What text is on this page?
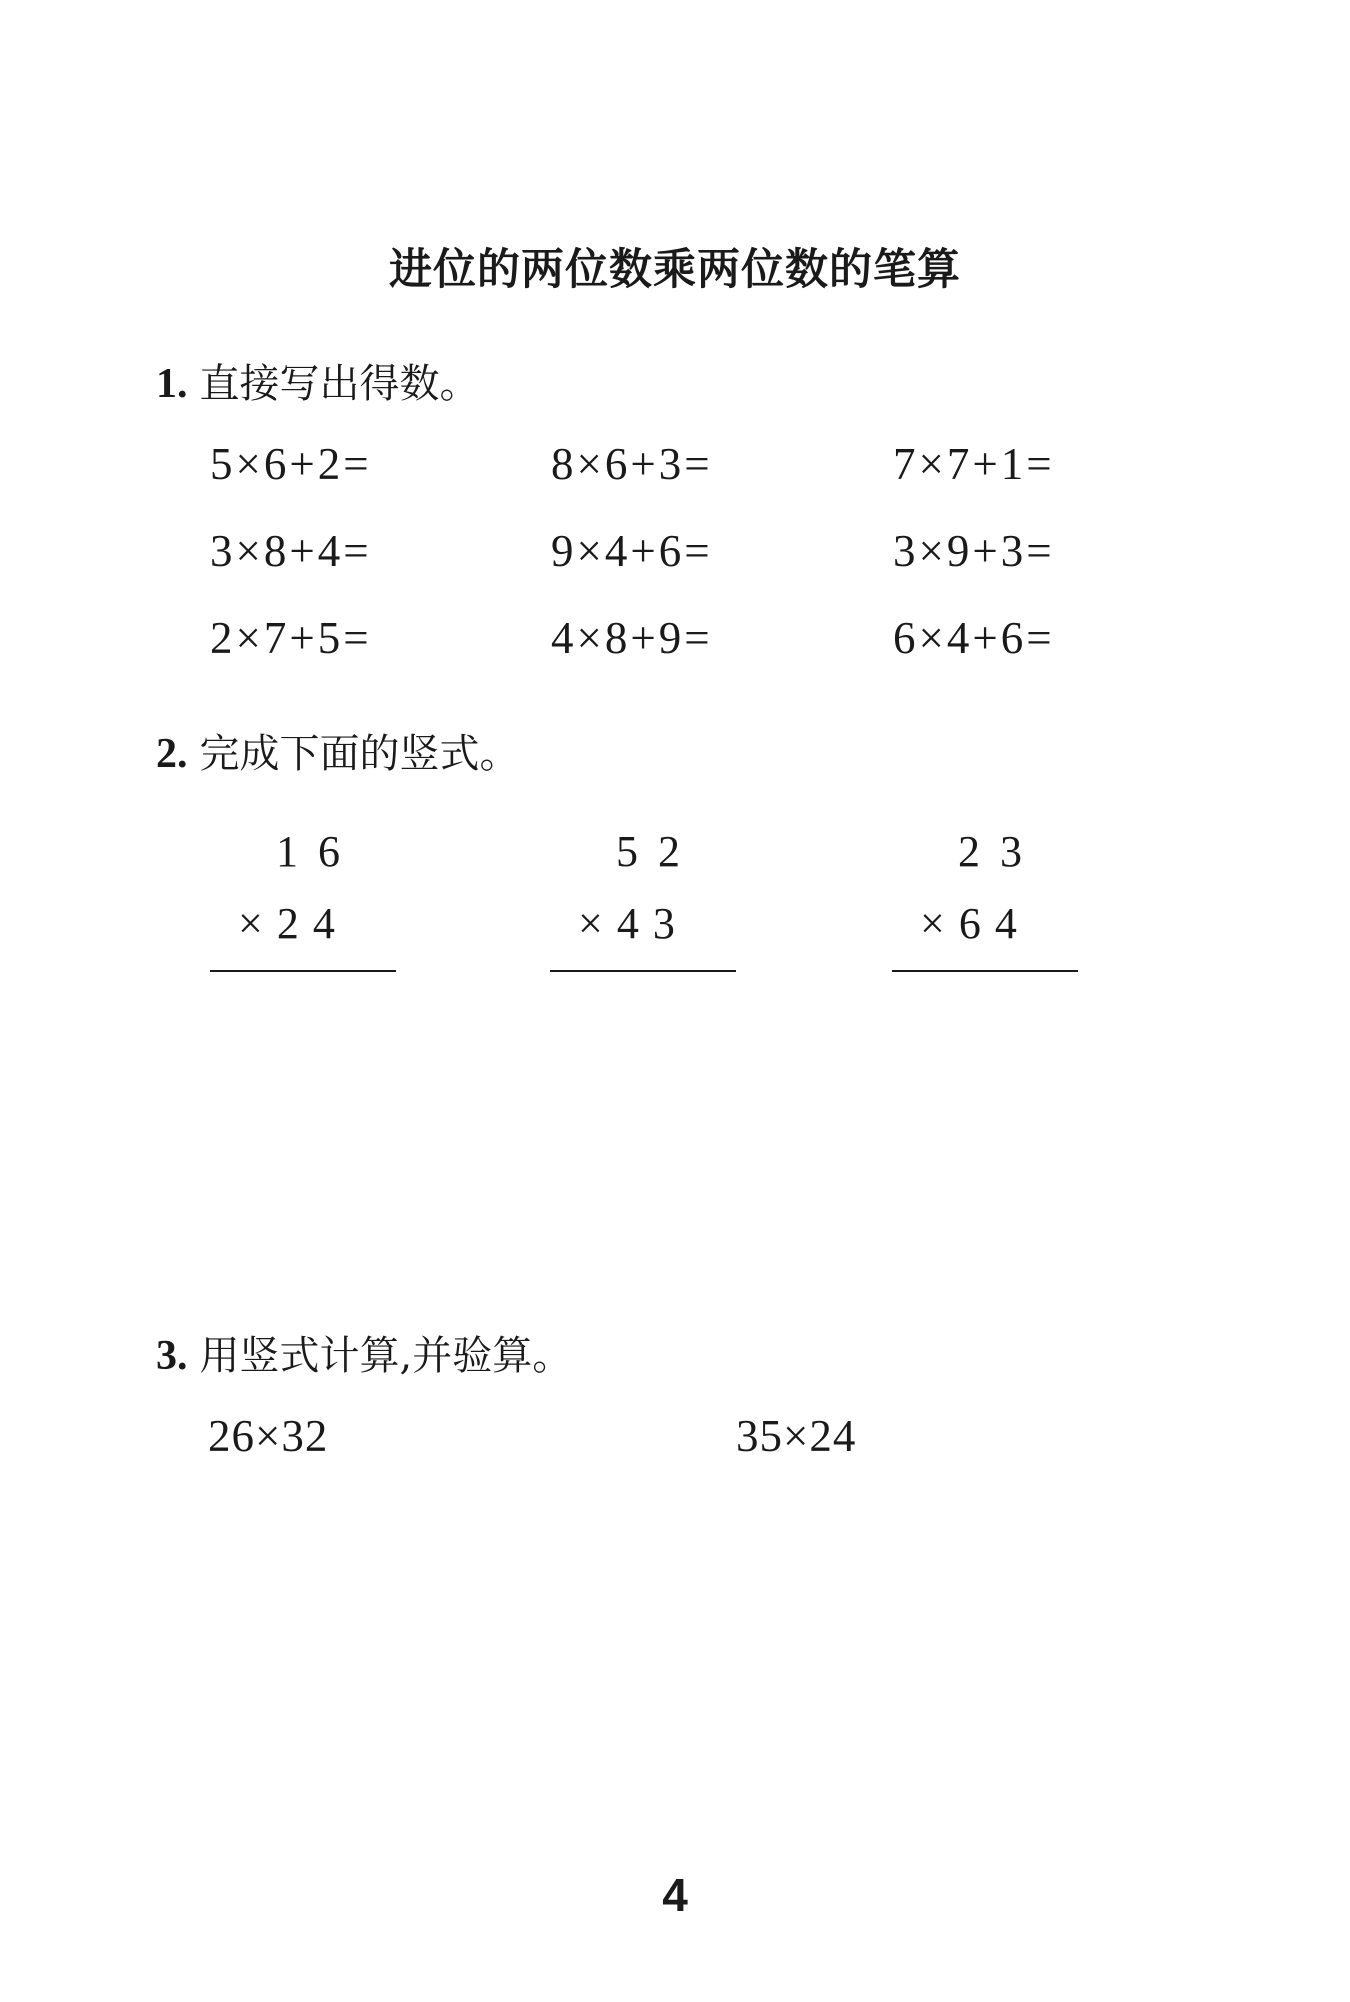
进位的两位数乘两位数的笔算
1. 直接写出得数。
5×6+2=	8×6+3=	7×7+1=
3×8+4=	9×4+6=	3×9+3=
2×7+5=	4×8+9=	6×4+6=
2. 完成下面的竖式。
16
×24
52
×43
23
×64
3. 用竖式计算,并验算。
26×32	35×24
4
